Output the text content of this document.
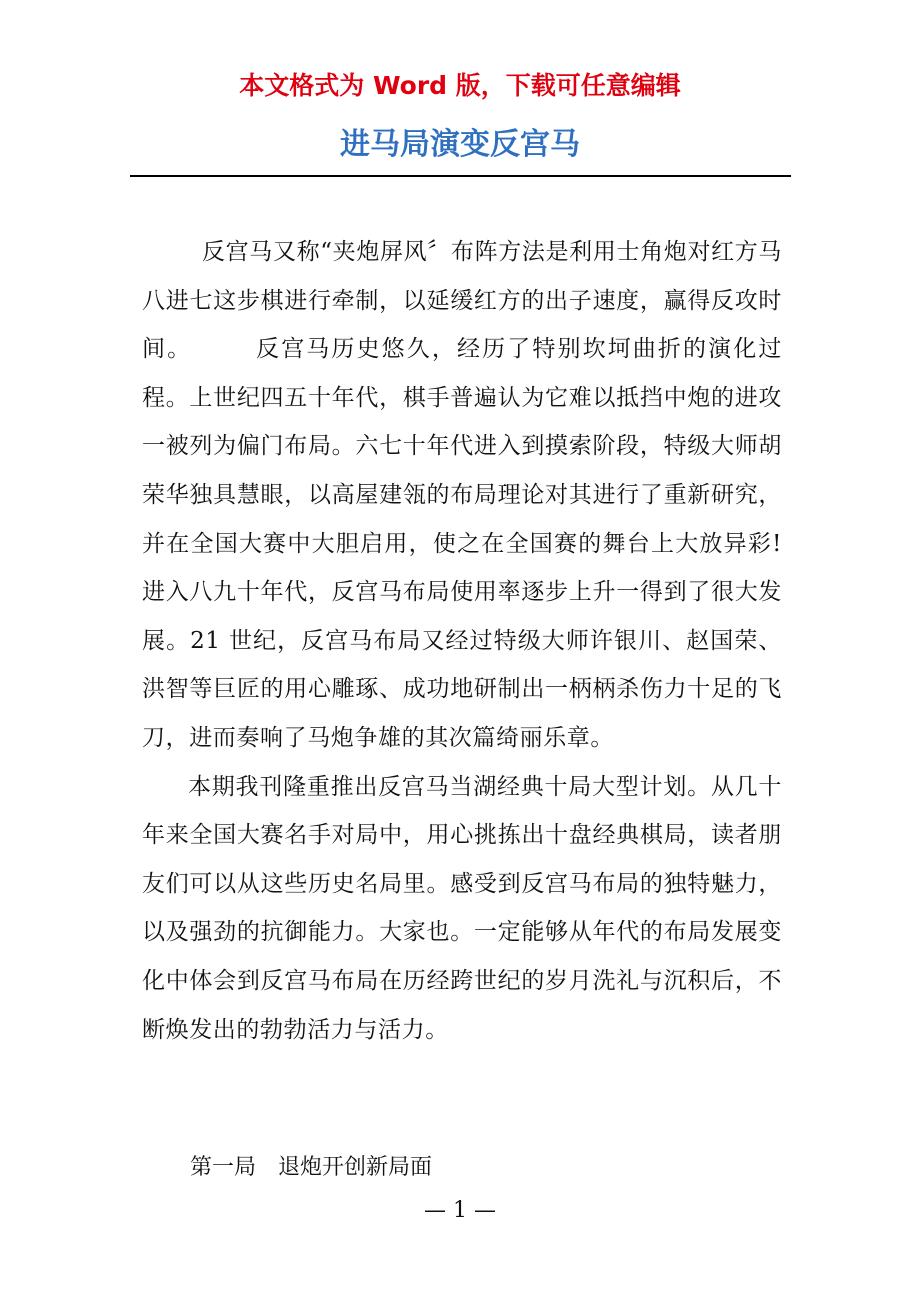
本文格式为 Word 版，下载可任意编辑
进马局演变反宫马

反宫马又称“夹炮屏风〞布阵方法是利用士角炮对红方马八进七这步棋进行牵制，以延缓红方的出子速度，赢得反攻时间。　　　反宫马历史悠久，经历了特别坎坷曲折的演化过程。上世纪四五十年代，棋手普遍认为它难以抵挡中炮的进攻一被列为偏门布局。六七十年代进入到摸索阶段，特级大师胡荣华独具慧眼，以高屋建瓴的布局理论对其进行了重新研究，并在全国大赛中大胆启用，使之在全国赛的舞台上大放异彩!进入八九十年代，反宫马布局使用率逐步上升一得到了很大发展。21 世纪，反宫马布局又经过特级大师许银川、赵国荣、洪智等巨匠的用心雕琢、成功地研制出一柄柄杀伤力十足的飞刀，进而奏响了马炮争雄的其次篇绮丽乐章。

本期我刊隆重推出反宫马当湖经典十局大型计划。从几十年来全国大赛名手对局中，用心挑拣出十盘经典棋局，读者朋友们可以从这些历史名局里。感受到反宫马布局的独特魅力，以及强劲的抗御能力。大家也。一定能够从年代的布局发展变化中体会到反宫马布局在历经跨世纪的岁月洗礼与沉积后，不断焕发出的勃勃活力与活力。

第一局　退炮开创新局面
— 1 —
